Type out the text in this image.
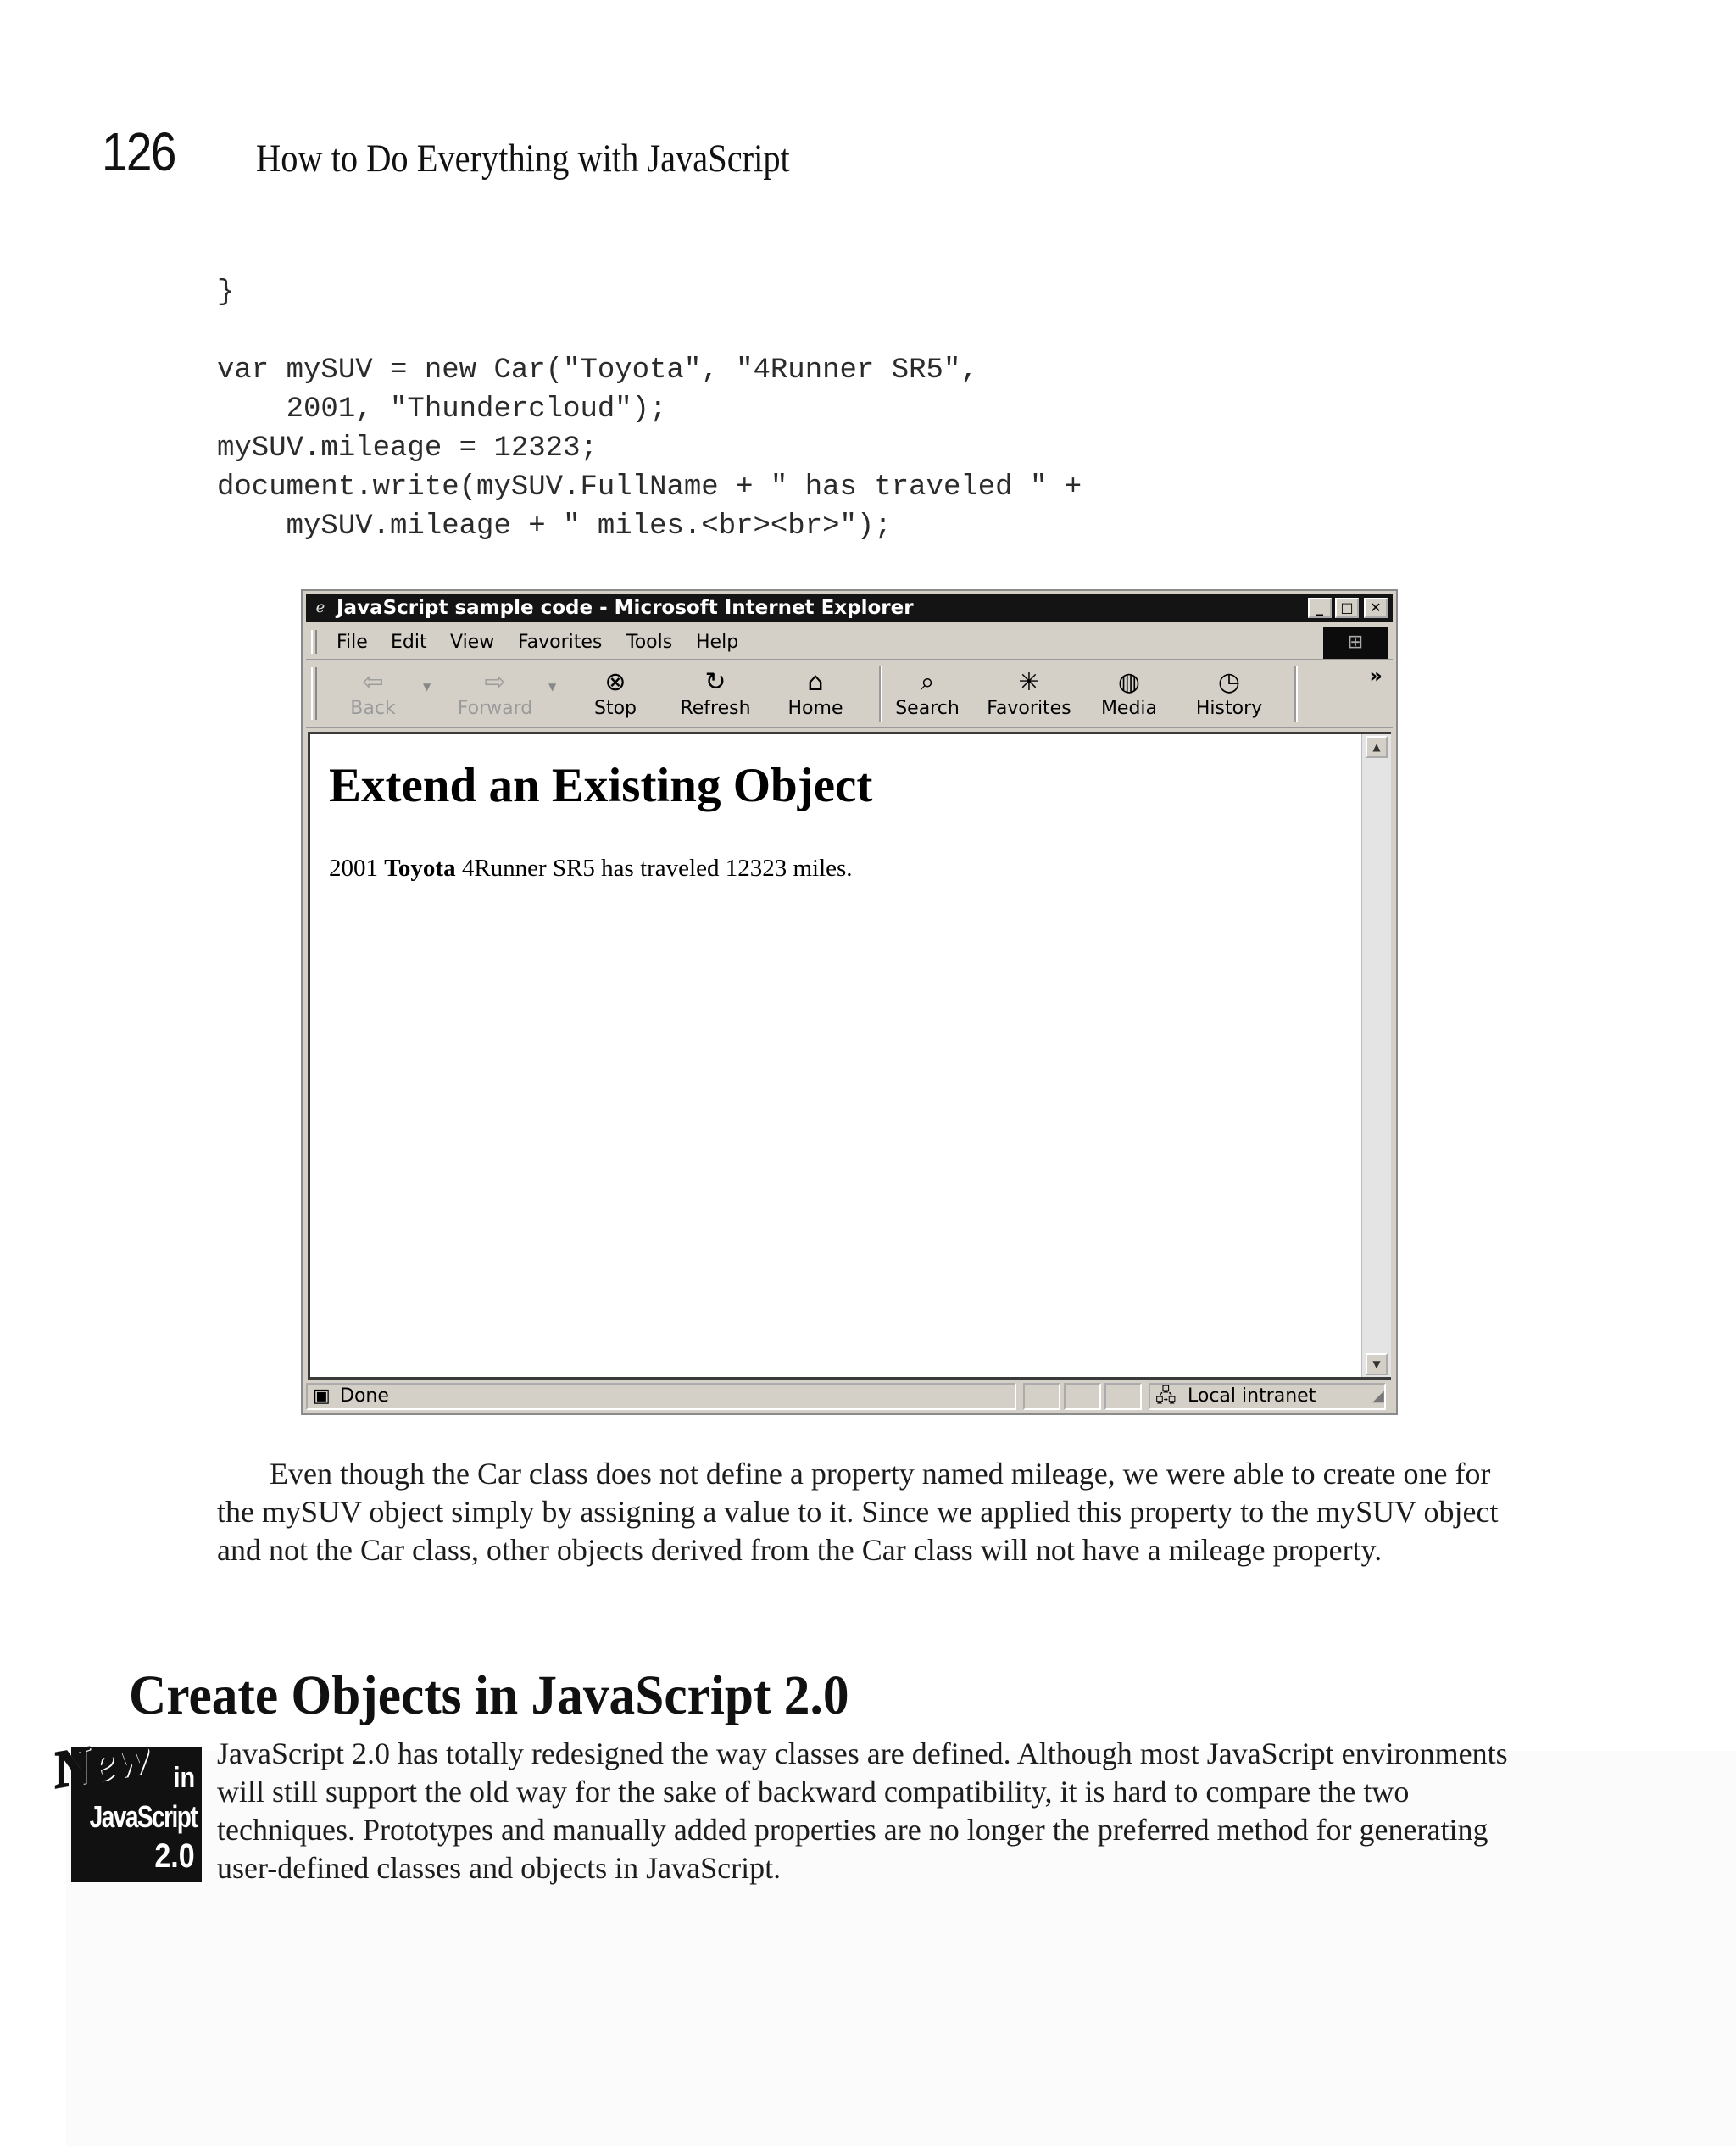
126 How to Do Everything with JavaScript
}
var mySUV = new Car("Toyota", "4Runner SR5",
2001, "Thundercloud");
mySUV.mileage = 12323;
document.write(mySUV.FullName + " has traveled " +
mySUV.mileage + " miles.<br><br>");
ℯ JavaScript sample code - Microsoft Internet Explorer	_	□	✕
File Edit View Favorites Tools Help	⊞
⇦
Back
▼	⇨
Forward
▼	⊗
Stop
↻
Refresh
⌂
Home
⌕
Search
✳
Favorites
◍
Media
◷
History
»
Extend an Existing Object

2001 Toyota 4Runner SR5 has traveled 12323 miles.

▲
▼
▣ Done	🖧 Local intranet	◢

Even though the Car class does not define a property named mileage, we were able to create one for the mySUV object simply by assigning a value to it. Since we applied this property to the mySUV object and not the Car class, other objects derived from the Car class will not have a mileage property.

Create Objects in JavaScript 2.0
New in
JavaScript
2.0

JavaScript 2.0 has totally redesigned the way classes are defined. Although most JavaScript environments will still support the old way for the sake of backward compatibility, it is hard to compare the two techniques. Prototypes and manually added properties are no longer the preferred method for generating user-defined classes and objects in JavaScript.
